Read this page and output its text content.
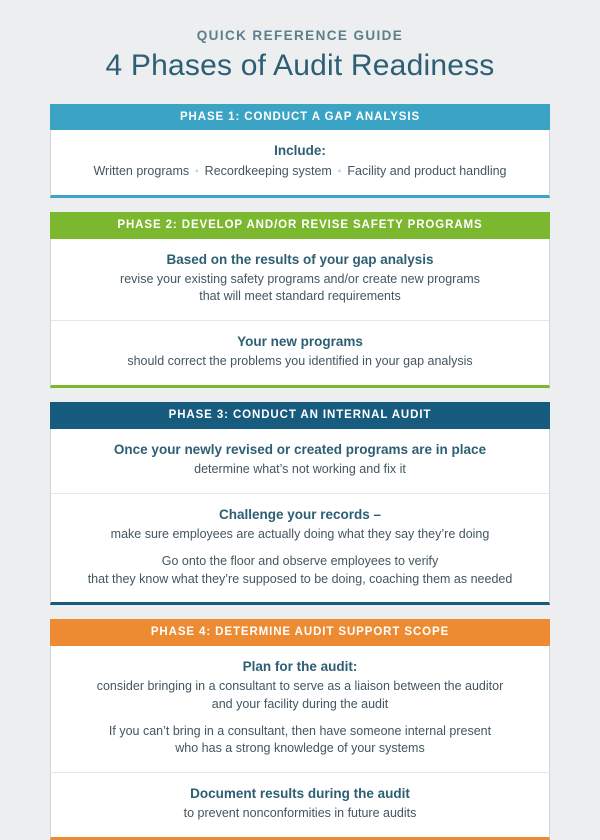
QUICK REFERENCE GUIDE
4 Phases of Audit Readiness
PHASE 1: CONDUCT A GAP ANALYSIS

Include:

Written programs ◦ Recordkeeping system ◦ Facility and product handling

PHASE 2: DEVELOP AND/OR REVISE SAFETY PROGRAMS

Based on the results of your gap analysis

revise your existing safety programs and/or create new programs

that will meet standard requirements

Your new programs

should correct the problems you identified in your gap analysis

PHASE 3: CONDUCT AN INTERNAL AUDIT

Once your newly revised or created programs are in place

determine what’s not working and fix it

Challenge your records –

make sure employees are actually doing what they say they’re doing

Go onto the floor and observe employees to verify
that they know what they’re supposed to be doing, coaching them as needed

PHASE 4: DETERMINE AUDIT SUPPORT SCOPE

Plan for the audit:

consider bringing in a consultant to serve as a liaison between the auditor
and your facility during the audit

If you can’t bring in a consultant, then have someone internal present
who has a strong knowledge of your systems

Document results during the audit

to prevent nonconformities in future audits
